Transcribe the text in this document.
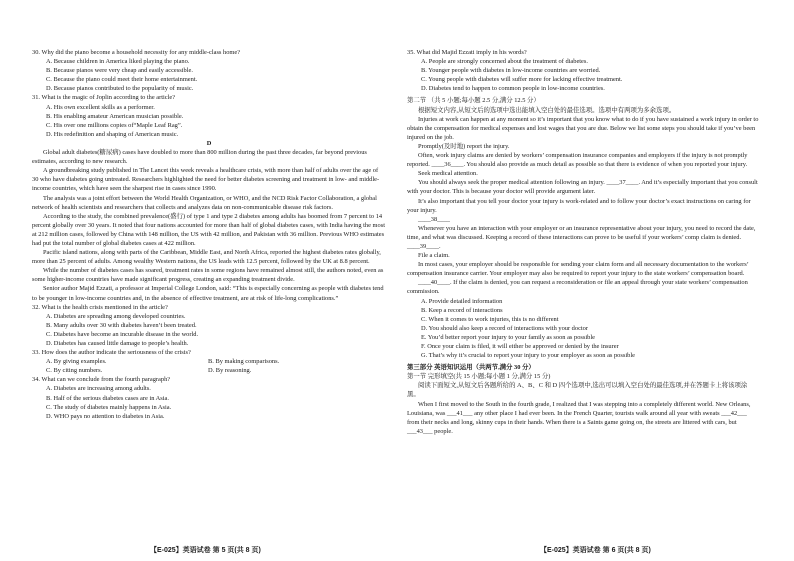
30. Why did the piano become a household necessity for any middle-class home?

A. Because children in America liked playing the piano.

B. Because pianos were very cheap and easily accessible.

C. Because the piano could meet their home entertainment.

D. Because pianos contributed to the popularity of music.

31. What is the magic of Joplin according to the article?

A. His own excellent skills as a performer.

B. His enabling amateur American musician possible.

C. His over one millions copies of“Maple Leaf Rag”.

D. His redefinition and shaping of American music.

D

Global adult diabetes(糖尿病) cases have doubled to more than 800 million during the past three decades, far beyond previous estimates, according to new research.

A groundbreaking study published in The Lancet this week reveals a healthcare crisis, with more than half of adults over the age of 30 who have diabetes going untreated. Researchers highlighted the need for better diabetes screening and treatment in low- and middle-income countries, which have seen the sharpest rise in cases since 1990.

The analysis was a joint effort between the World Health Organization, or WHO, and the NCD Risk Factor Collaboration, a global network of health scientists and researchers that collects and analyzes data on non-communicable disease risk factors.

According to the study, the combined prevalence(盛行) of type 1 and type 2 diabetes among adults has boomed from 7 percent to 14 percent globally over 30 years. It noted that four nations accounted for more than half of global diabetes cases, with India having the most at 212 million cases, followed by China with 148 million, the US with 42 million, and Pakistan with 36 million. Previous WHO estimates had put the total number of global diabetes cases at 422 million.

Pacific island nations, along with parts of the Caribbean, Middle East, and North Africa, reported the highest diabetes rates globally, more than 25 percent of adults. Among wealthy Western nations, the US leads with 12.5 percent, followed by the UK at 8.8 percent.

While the number of diabetes cases has soared, treatment rates in some regions have remained almost still, the authors noted, even as some higher-income countries have made significant progress, creating an expanding treatment divide.

Senior author Majid Ezzati, a professor at Imperial College London, said: “This is especially concerning as people with diabetes tend to be younger in low-income countries and, in the absence of effective treatment, are at risk of life-long complications.”

32. What is the health crisis mentioned in the article?

A. Diabetes are spreading among developed countries.

B. Many adults over 30 with diabetes haven’t been treated.

C. Diabetes have become an incurable disease in the world.

D. Diabetes has caused little damage to people’s health.

33. How does the author indicate the seriousness of the crisis?

A. By giving examples.	B. By making comparisons.

C. By citing numbers.	D. By reasoning.

34. What can we conclude from the fourth paragraph?

A. Diabetes are increasing among adults.

B. Half of the serious diabetes cases are in Asia.

C. The study of diabetes mainly happens in Asia.

D. WHO pays no attention to diabetes in Asia.

35. What did Majid Ezzati imply in his words?

A. People are strongly concerned about the treatment of diabetes.

B. Younger people with diabetes in low-income countries are worried.

C. Young people with diabetes will suffer more for lacking effective treatment.

D. Diabetes tend to happen to common people in low-income countries.

第二节 （共 5 小题;每小题 2.5 分,满分 12.5 分）

根据短文内容,从短文后的选项中选出能填入空白处的最佳选项。选项中有两项为多余选项。

Injuries at work can happen at any moment so it’s important that you know what to do if you have sustained a work injury in order to obtain the compensation for medical expenses and lost wages that you are due. Below we list some steps you should take if you’ve been injured on the job.

Promptly(及时地) report the injury.

Often, work injury claims are denied by workers’ compensation insurance companies and employers if the injury is not promptly reported. ____36____. You should also provide as much detail as possible so that there is evidence of when you reported your injury.

Seek medical attention.

You should always seek the proper medical attention following an injury. ____37____. And it’s especially important that you consult with your doctor. This is because your doctor will provide argument later.

It’s also important that you tell your doctor your injury is work-related and to follow your doctor’s exact instructions on caring for your injury.

____38____

Whenever you have an interaction with your employer or an insurance representative about your injury, you need to record the date, time, and what was discussed. Keeping a record of these interactions can prove to be useful if your workers’ comp claim is denied. ____39____.

File a claim.

In most cases, your employer should be responsible for sending your claim form and all necessary documentation to the workers’ compensation insurance carrier. Your employer may also be required to report your injury to the state workers’ compensation board.

____40____. If the claim is denied, you can request a reconsideration or file an appeal through your state workers’ compensation commission.

A. Provide detailed information

B. Keep a record of interactions

C. When it comes to work injuries, this is no different

D. You should also keep a record of interactions with your doctor

E. You’d better report your injury to your family as soon as possible

F. Once your claim is filed, it will either be approved or denied by the insurer

G. That’s why it’s crucial to report your injury to your employer as soon as possible

第三部分 英语知识运用（共两节,满分 30 分）

第一节 完形填空(共 15 小题;每小题 1 分,满分 15 分)

阅读下面短文,从短文后各题所给的 A、B、C 和 D 四个选项中,选出可以填入空白处的最佳选项,并在答题卡上将该项涂黑。

When I first moved to the South in the fourth grade, I realized that I was stepping into a completely different world. New Orleans, Louisiana, was ___41___ any other place I had ever been. In the French Quarter, tourists walk around all year with sweats ___42___ from their necks and long, skinny cups in their hands. When there is a Saints game going on, the streets are littered with cars, but ___43___ people.

【E-025】英语试卷 第 5 页(共 8 页)	【E-025】英语试卷 第 6 页(共 8 页)
